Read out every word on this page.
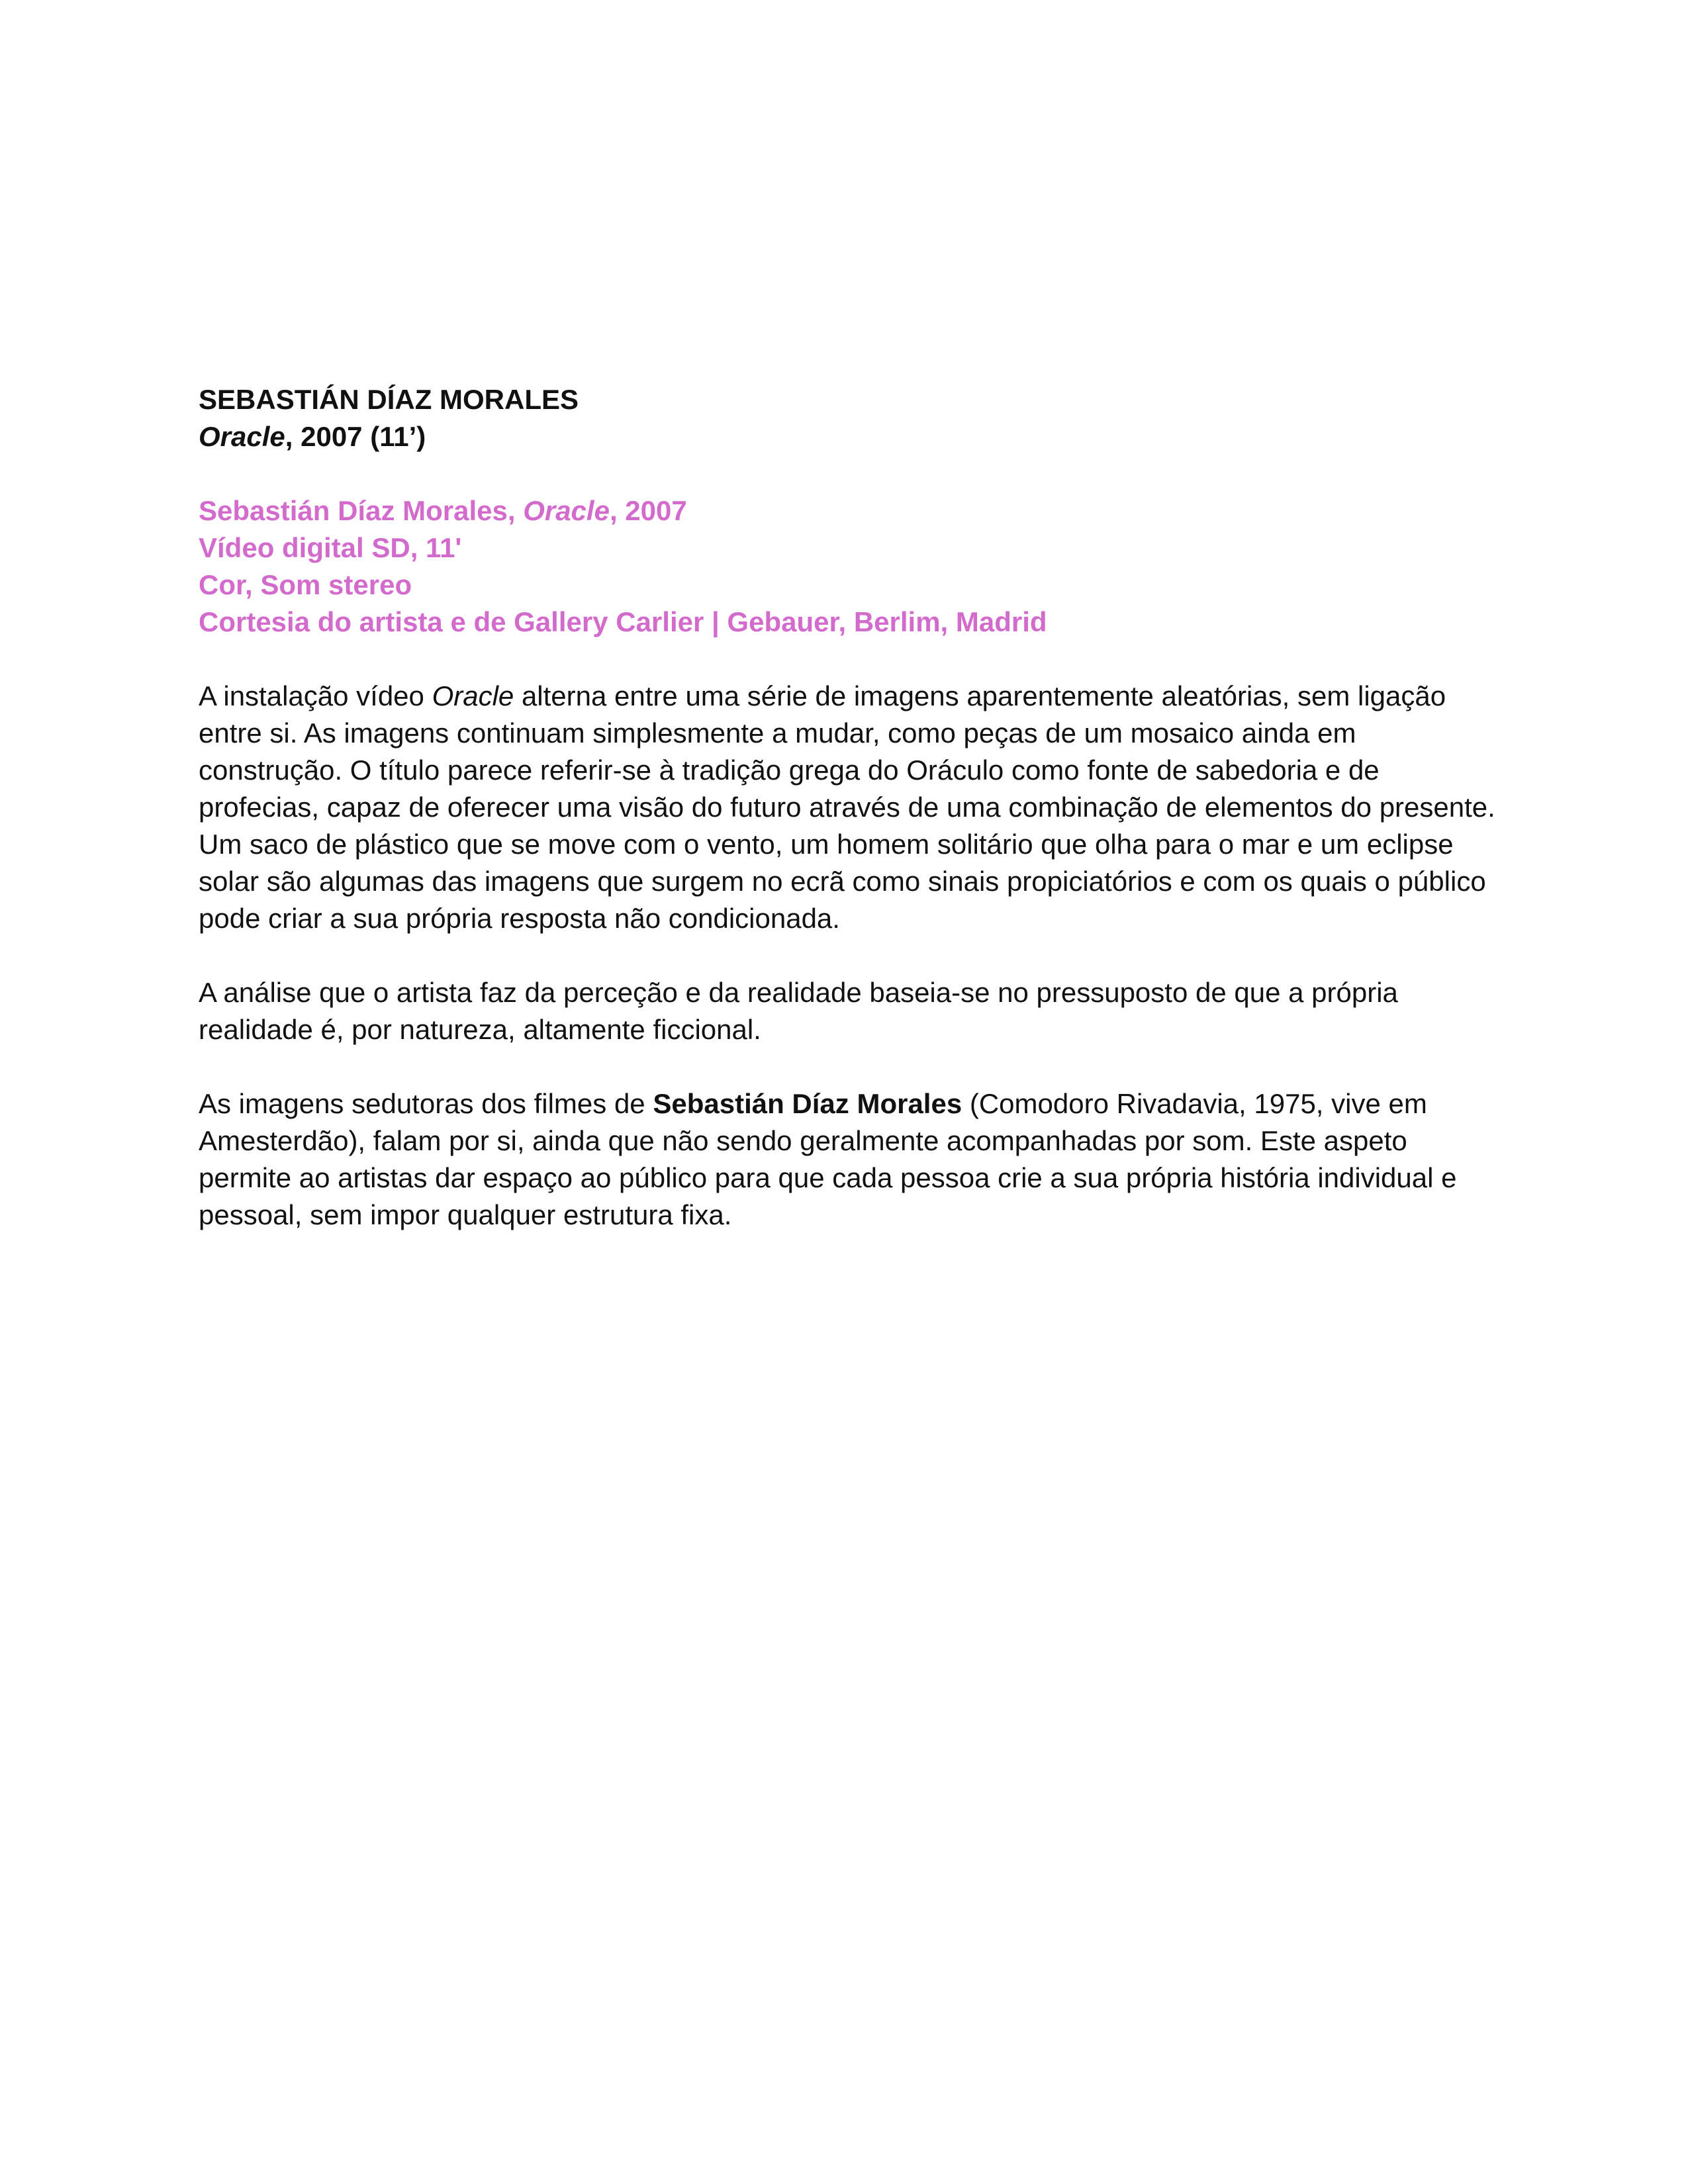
SEBASTIÁN DÍAZ MORALES

Oracle, 2007 (11’)

Sebastián Díaz Morales, Oracle, 2007

Vídeo digital SD, 11'

Cor, Som stereo

Cortesia do artista e de Gallery Carlier | Gebauer, Berlim, Madrid

A instalação vídeo Oracle alterna entre uma série de imagens aparentemente aleatórias, sem ligação entre si. As imagens continuam simplesmente a mudar, como peças de um mosaico ainda em construção. O título parece referir-se à tradição grega do Oráculo como fonte de sabedoria e de profecias, capaz de oferecer uma visão do futuro através de uma combinação de elementos do presente. Um saco de plástico que se move com o vento, um homem solitário que olha para o mar e um eclipse solar são algumas das imagens que surgem no ecrã como sinais propiciatórios e com os quais o público pode criar a sua própria resposta não condicionada.

A análise que o artista faz da perceção e da realidade baseia-se no pressuposto de que a própria realidade é, por natureza, altamente ficcional.

As imagens sedutoras dos filmes de Sebastián Díaz Morales (Comodoro Rivadavia, 1975, vive em Amesterdão), falam por si, ainda que não sendo geralmente acompanhadas por som. Este aspeto permite ao artistas dar espaço ao público para que cada pessoa crie a sua própria história individual e pessoal, sem impor qualquer estrutura fixa.
